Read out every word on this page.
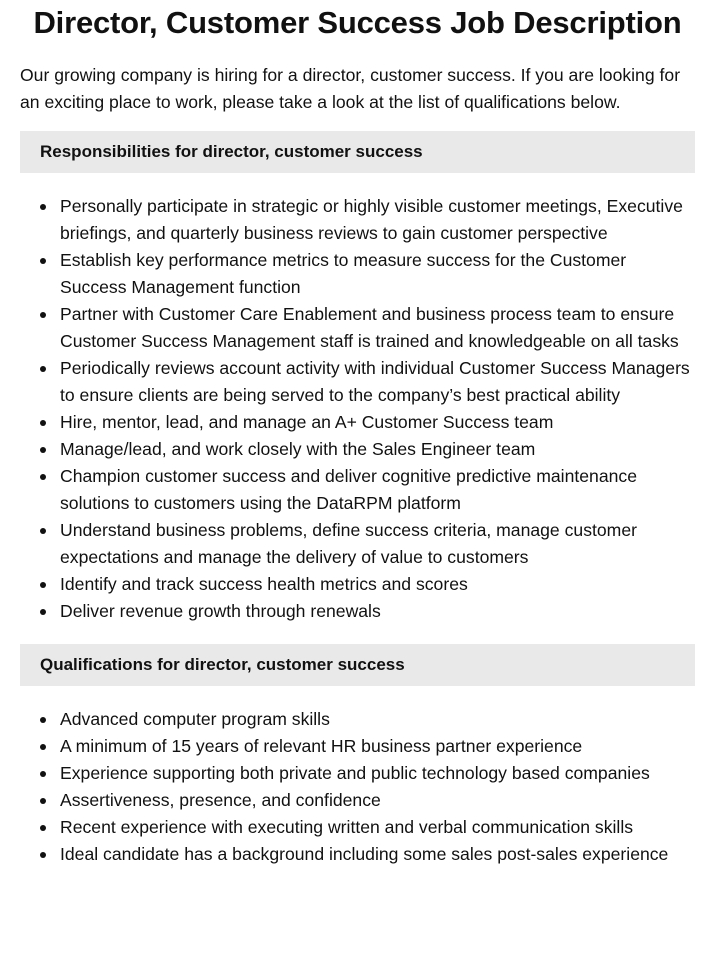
Director, Customer Success Job Description

Our growing company is hiring for a director, customer success. If you are looking for an exciting place to work, please take a look at the list of qualifications below.

Responsibilities for director, customer success
Personally participate in strategic or highly visible customer meetings, Executive briefings, and quarterly business reviews to gain customer perspective
Establish key performance metrics to measure success for the Customer Success Management function
Partner with Customer Care Enablement and business process team to ensure Customer Success Management staff is trained and knowledgeable on all tasks
Periodically reviews account activity with individual Customer Success Managers to ensure clients are being served to the company’s best practical ability
Hire, mentor, lead, and manage an A+ Customer Success team
Manage/lead, and work closely with the Sales Engineer team
Champion customer success and deliver cognitive predictive maintenance solutions to customers using the DataRPM platform
Understand business problems, define success criteria, manage customer expectations and manage the delivery of value to customers
Identify and track success health metrics and scores
Deliver revenue growth through renewals
Qualifications for director, customer success
Advanced computer program skills
A minimum of 15 years of relevant HR business partner experience
Experience supporting both private and public technology based companies
Assertiveness, presence, and confidence
Recent experience with executing written and verbal communication skills
Ideal candidate has a background including some sales post-sales experience
